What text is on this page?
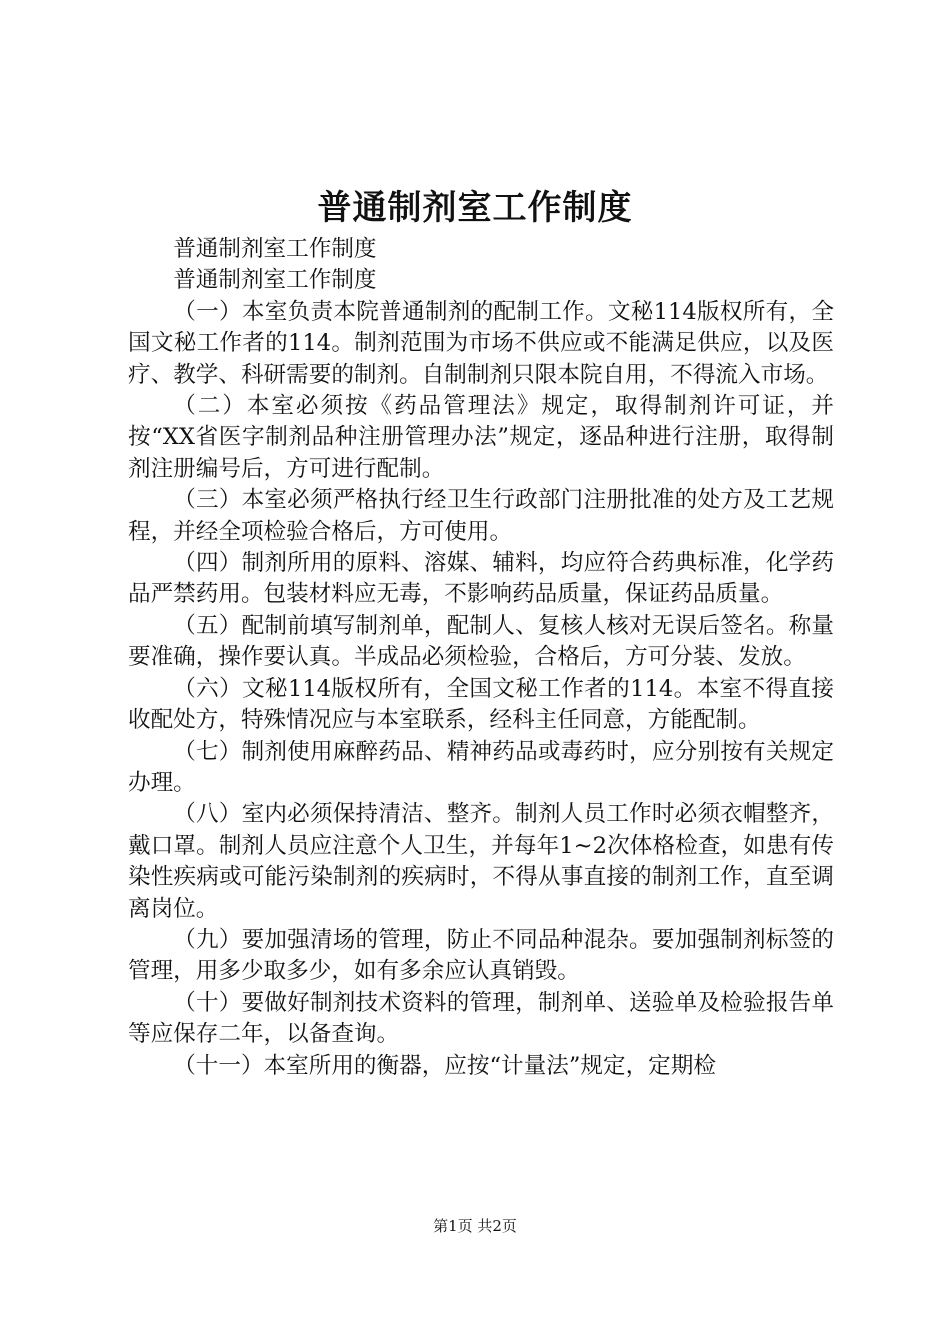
普通制剂室工作制度

普通制剂室工作制度

普通制剂室工作制度

（一）本室负责本院普通制剂的配制工作。文秘114版权所有，全国文秘工作者的114。制剂范围为市场不供应或不能满足供应，以及医疗、教学、科研需要的制剂。自制制剂只限本院自用，不得流入市场。

（二）本室必须按《药品管理法》规定，取得制剂许可证，并按“XX省医字制剂品种注册管理办法”规定，逐品种进行注册，取得制剂注册编号后，方可进行配制。

（三）本室必须严格执行经卫生行政部门注册批准的处方及工艺规程，并经全项检验合格后，方可使用。

（四）制剂所用的原料、溶媒、辅料，均应符合药典标准，化学药品严禁药用。包装材料应无毒，不影响药品质量，保证药品质量。

（五）配制前填写制剂单，配制人、复核人核对无误后签名。称量要准确，操作要认真。半成品必须检验，合格后，方可分装、发放。

（六）文秘114版权所有，全国文秘工作者的114。本室不得直接收配处方，特殊情况应与本室联系，经科主任同意，方能配制。

（七）制剂使用麻醉药品、精神药品或毒药时，应分别按有关规定办理。

（八）室内必须保持清洁、整齐。制剂人员工作时必须衣帽整齐，戴口罩。制剂人员应注意个人卫生，并每年1~2次体格检查，如患有传染性疾病或可能污染制剂的疾病时，不得从事直接的制剂工作，直至调离岗位。

（九）要加强清场的管理，防止不同品种混杂。要加强制剂标签的管理，用多少取多少，如有多余应认真销毁。

（十）要做好制剂技术资料的管理，制剂单、送验单及检验报告单等应保存二年，以备查询。

（十一）本室所用的衡器，应按“计量法”规定，定期检

第1页 共2页
